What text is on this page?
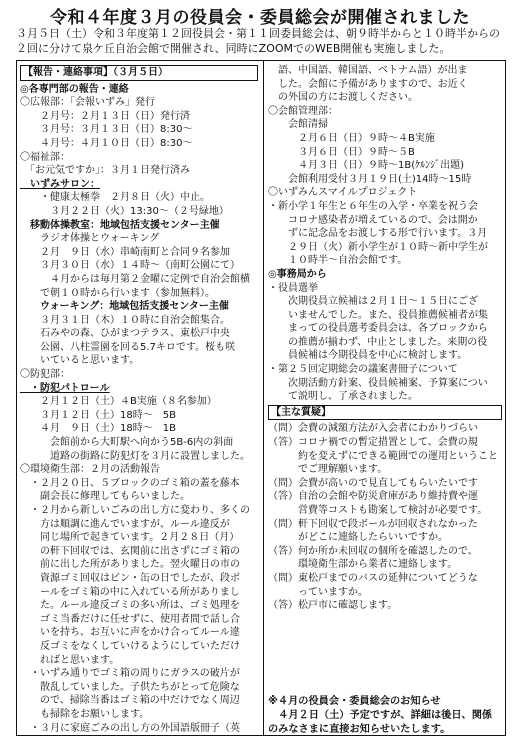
令和４年度３月の役員会・委員総会が開催されました
３月５日（土）令和３年度第１２回役員会・第１１回委員総会は、朝９時半からと１０時半からの
２回に分けて泉ケ丘自治会館で開催され、同時にZOOMでのWEB開催も実施しました。
【報告・連絡事項】（３月５日）
◎各専門部の報告・連絡
〇広報部：「会報いずみ」発行
　　２月号：２月１３日（日）発行済
　　３月号：３月１３日（日）8:30～
　　４月号：４月１０日（日）8:30～
〇福祉部：
　「お元気ですか」：３月１日発行済み
　いずみサロン：
　　・健康太極拳　２月８日（火）中止。
　　　３月２２日（火）13:30～（２号緑地）
　移動体操教室：地域包括支援センター主催
　　ラジオ体操とウォーキング
　　２月　９日（水）串崎南町と合同９名参加
　　３月３０日（水）１４時～（南町公園にて）
　　　４月からは毎月第２金曜に定例で自治会館横
　　で朝１０時から行います（参加無料）。
　　ウォーキング：地域包括支援センター主催
　　３月３１日（木）１０時に自治会館集合。
　　石みやの森、ひがまつテラス、東松戸中央
　　公園、八柱霊園を回る5.7キロです。桜も咲
　　いていると思います。
〇防犯部：
　・防犯パトロール
　　２月１２日（土）４B実施（８名参加）
　　３月１２日（土）18時～　5B
　　４月　９日（土）18時～　1B
　　　会館前から大町駅へ向かう5B-6内の斜面
　　　道路の街路に防犯灯を３月に設置しました。
〇環境衛生部：２月の活動報告
　・２月２０日、５ブロックのゴミ箱の蓋を藤本
　　副会長に修理してもらいました。
　・２月から新しいごみの出し方に変わり、多くの
　　方は順調に進んでいますが、ルール違反が
　　同じ場所で起きています。２月２８日（月）
　　の軒下回収では、玄関前に出さずにゴミ箱の
　　前に出した所がありました。翌火曜日の市の
　　資源ゴミ回収はビン・缶の日でしたが、段ボ
　　ールをゴミ箱の中に入れている所がありまし
　　た。ルール違反ゴミの多い所は、ゴミ処理を
　　ゴミ当番だけに任せずに、使用者間で話し合
　　いを持ち、お互いに声をかけ合ってルール違
　　反ゴミをなくしていけるようにしていただけ
　　ればと思います。
　・いずみ通りでゴミ箱の周りにガラスの破片が
　　散乱していました。子供たちがとって危険な
　　ので、掃除当番はゴミ箱の中だけでなく周辺
　　も掃除をお願いします。
　・３月に家庭ごみの出し方の外国語版冊子（英
　語、中国語、韓国語、ベトナム語）が出ま
　した。会館に予備がありますので、お近く
　の外国の方にお渡しください。
〇会館管理部：
　　会館清掃
　　　２月６日（日）９時～４B実施
　　　３月６日（日）９時～５B
　　　４月３日（日）９時～1B(ｹﾙﾝｼﾞ出題)
　　会館利用受付３月１９日(土)14時～15時
〇いずみんスマイルプロジェクト
・新小学１年生と６年生の入学・卒業を祝う会
　　コロナ感染者が増えているので、会は開か
　　ずに記念品をお渡しする形で行います。３月
　　２９日（火）新小学生が１０時～新中学生が
　　１０時半～自治会館です。
◎事務局から
・役員選挙
　　次期役員立候補は２月１日～１５日にござ
　　いませんでした。また、役員推薦候補者が集
　　まっての役員選考委員会は、各ブロックから
　　の推薦が揃わず、中止としました。来期の役
　　員候補は今期役員を中心に検討します。
・第２５回定期総会の議案書冊子について
　　次期活動方針案、役員候補案、予算案につい
　　て説明し、了承されました。
【主な質疑】
（問）会費の減額方法が入会者にわかりづらい
（答）コロナ禍での暫定措置として、会費の規
　　　約を変えずにできる範囲での運用ということ
　　　でご理解願います。
（問）会費が高いので見直してもらいたいです
（答）自治の会館や防災倉庫があり維持費や運
　　　営費等コストも勘案して検討が必要です。
（問）軒下回収で段ボールが回収されなかった
　　　がどこに連絡したらいいですか。
（答）何か所か未回収の個所を確認したので、
　　　環境衛生部から業者に連絡します。
（問）東松戸までのバスの延伸についてどうな
　　　っていますか。
（答）松戸市に確認します。
※４月の役員会・委員総会のお知らせ
　４月２日（土）予定ですが、詳細は後日、関係
のみなさまに直接お知らせいたします。
